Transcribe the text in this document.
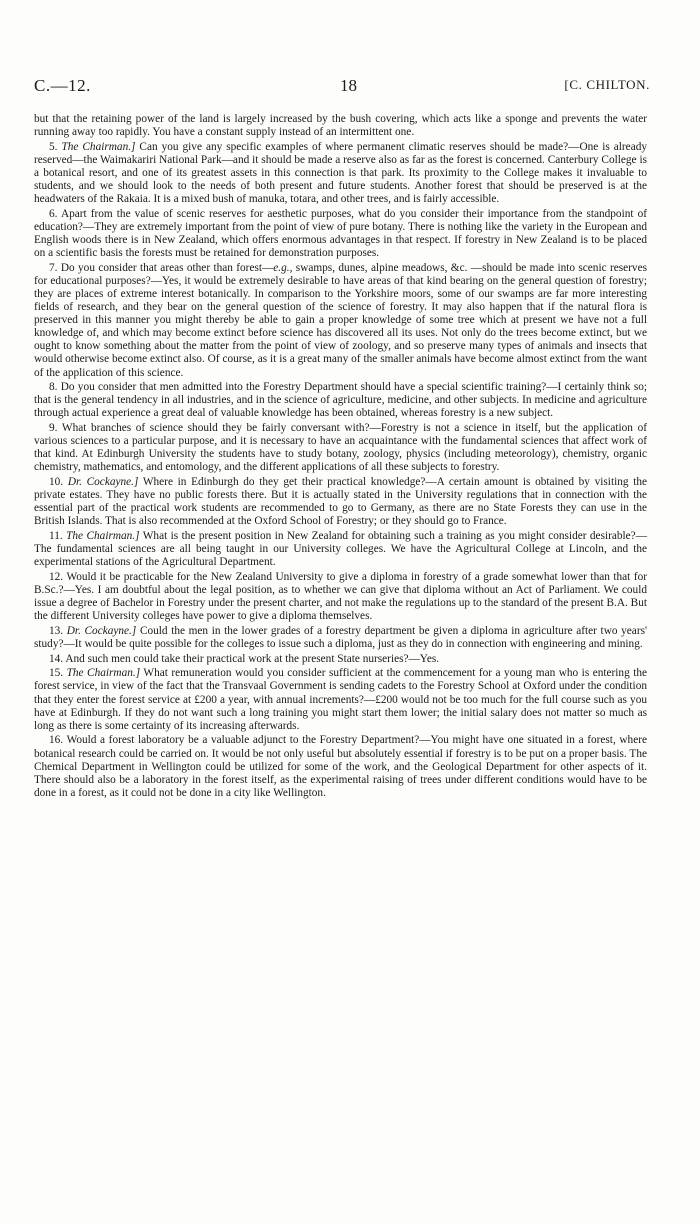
C.—12.	18	[C. CHILTON.

but that the retaining power of the land is largely increased by the bush covering, which acts like a sponge and prevents the water running away too rapidly. You have a constant supply instead of an intermittent one.

5. The Chairman.] Can you give any specific examples of where permanent climatic reserves should be made?—One is already reserved—the Waimakariri National Park—and it should be made a reserve also as far as the forest is concerned. Canterbury College is a botanical resort, and one of its greatest assets in this connection is that park. Its proximity to the College makes it invaluable to students, and we should look to the needs of both present and future students. Another forest that should be preserved is at the headwaters of the Rakaia. It is a mixed bush of manuka, totara, and other trees, and is fairly accessible.

6. Apart from the value of scenic reserves for aesthetic purposes, what do you consider their importance from the standpoint of education?—They are extremely important from the point of view of pure botany. There is nothing like the variety in the European and English woods there is in New Zealand, which offers enormous advantages in that respect. If forestry in New Zealand is to be placed on a scientific basis the forests must be retained for demonstration purposes.

7. Do you consider that areas other than forest—e.g., swamps, dunes, alpine meadows, &c. —should be made into scenic reserves for educational purposes?—Yes, it would be extremely desirable to have areas of that kind bearing on the general question of forestry; they are places of extreme interest botanically. In comparison to the Yorkshire moors, some of our swamps are far more interesting fields of research, and they bear on the general question of the science of forestry. It may also happen that if the natural flora is preserved in this manner you might thereby be able to gain a proper knowledge of some tree which at present we have not a full knowledge of, and which may become extinct before science has discovered all its uses. Not only do the trees become extinct, but we ought to know something about the matter from the point of view of zoology, and so preserve many types of animals and insects that would otherwise become extinct also. Of course, as it is a great many of the smaller animals have become almost extinct from the want of the application of this science.

8. Do you consider that men admitted into the Forestry Department should have a special scientific training?—I certainly think so; that is the general tendency in all industries, and in the science of agriculture, medicine, and other subjects. In medicine and agriculture through actual experience a great deal of valuable knowledge has been obtained, whereas forestry is a new subject.

9. What branches of science should they be fairly conversant with?—Forestry is not a science in itself, but the application of various sciences to a particular purpose, and it is necessary to have an acquaintance with the fundamental sciences that affect work of that kind. At Edinburgh University the students have to study botany, zoology, physics (including meteorology), chemistry, organic chemistry, mathematics, and entomology, and the different applications of all these subjects to forestry.

10. Dr. Cockayne.] Where in Edinburgh do they get their practical knowledge?—A certain amount is obtained by visiting the private estates. They have no public forests there. But it is actually stated in the University regulations that in connection with the essential part of the practical work students are recommended to go to Germany, as there are no State Forests they can use in the British Islands. That is also recommended at the Oxford School of Forestry; or they should go to France.

11. The Chairman.] What is the present position in New Zealand for obtaining such a training as you might consider desirable?—The fundamental sciences are all being taught in our University colleges. We have the Agricultural College at Lincoln, and the experimental stations of the Agricultural Department.

12. Would it be practicable for the New Zealand University to give a diploma in forestry of a grade somewhat lower than that for B.Sc.?—Yes. I am doubtful about the legal position, as to whether we can give that diploma without an Act of Parliament. We could issue a degree of Bachelor in Forestry under the present charter, and not make the regulations up to the standard of the present B.A. But the different University colleges have power to give a diploma themselves.

13. Dr. Cockayne.] Could the men in the lower grades of a forestry department be given a diploma in agriculture after two years' study?—It would be quite possible for the colleges to issue such a diploma, just as they do in connection with engineering and mining.

14. And such men could take their practical work at the present State nurseries?—Yes.

15. The Chairman.] What remuneration would you consider sufficient at the commencement for a young man who is entering the forest service, in view of the fact that the Transvaal Government is sending cadets to the Forestry School at Oxford under the condition that they enter the forest service at £200 a year, with annual increments?—£200 would not be too much for the full course such as you have at Edinburgh. If they do not want such a long training you might start them lower; the initial salary does not matter so much as long as there is some certainty of its increasing afterwards.

16. Would a forest laboratory be a valuable adjunct to the Forestry Department?—You might have one situated in a forest, where botanical research could be carried on. It would be not only useful but absolutely essential if forestry is to be put on a proper basis. The Chemical Department in Wellington could be utilized for some of the work, and the Geological Department for other aspects of it. There should also be a laboratory in the forest itself, as the experimental raising of trees under different conditions would have to be done in a forest, as it could not be done in a city like Wellington.
